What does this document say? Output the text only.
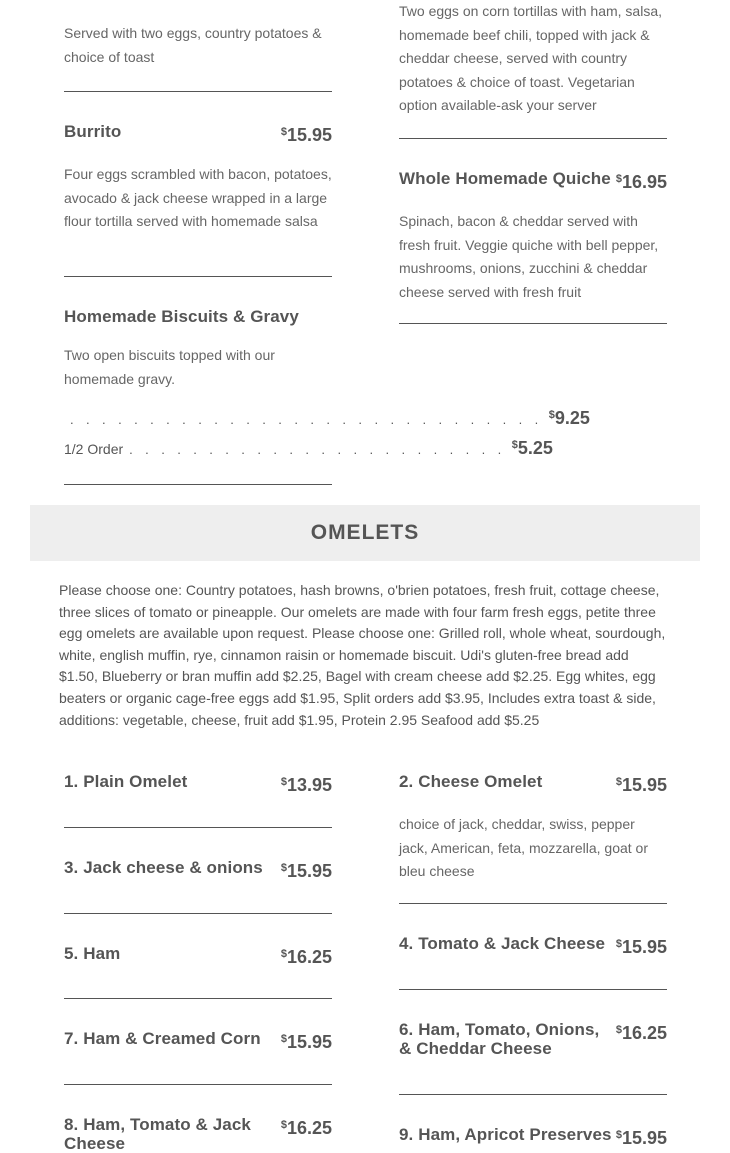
Served with two eggs, country potatoes & choice of toast
Burrito	$15.95
Four eggs scrambled with bacon, potatoes, avocado & jack cheese wrapped in a large flour tortilla served with homemade salsa
Homemade Biscuits & Gravy
Two open biscuits topped with our homemade gravy.
. . . . . . . . . . . . . . . . . . . . . . . . . . . . . . $9.25
1/2 Order . . . . . . . . . . . . . . . . . . . . . . . . $5.25
Two eggs on corn tortillas with ham, salsa, homemade beef chili, topped with jack & cheddar cheese, served with country potatoes & choice of toast. Vegetarian option available-ask your server
Whole Homemade Quiche $16.95
Spinach, bacon & cheddar served with fresh fruit. Veggie quiche with bell pepper, mushrooms, onions, zucchini & cheddar cheese served with fresh fruit
OMELETS
Please choose one: Country potatoes, hash browns, o'brien potatoes, fresh fruit, cottage cheese, three slices of tomato or pineapple. Our omelets are made with four farm fresh eggs, petite three egg omelets are available upon request. Please choose one: Grilled roll, whole wheat, sourdough, white, english muffin, rye, cinnamon raisin or homemade biscuit. Udi's gluten-free bread add $1.50, Blueberry or bran muffin add $2.25, Bagel with cream cheese add $2.25. Egg whites, egg beaters or organic cage-free eggs add $1.95, Split orders add $3.95, Includes extra toast & side, additions: vegetable, cheese, fruit add $1.95, Protein 2.95 Seafood add $5.25
1. Plain Omelet	$13.95
3. Jack cheese & onions $15.95
5. Ham	$16.25
7. Ham & Creamed Corn $15.95
8. Ham, Tomato & Jack Cheese
$16.25
2. Cheese Omelet	$15.95
choice of jack, cheddar, swiss, pepper jack, American, feta, mozzarella, goat or bleu cheese
4. Tomato & Jack Cheese $15.95
6. Ham, Tomato, Onions, & Cheddar Cheese
$16.25
9. Ham, Apricot Preserves $15.95
